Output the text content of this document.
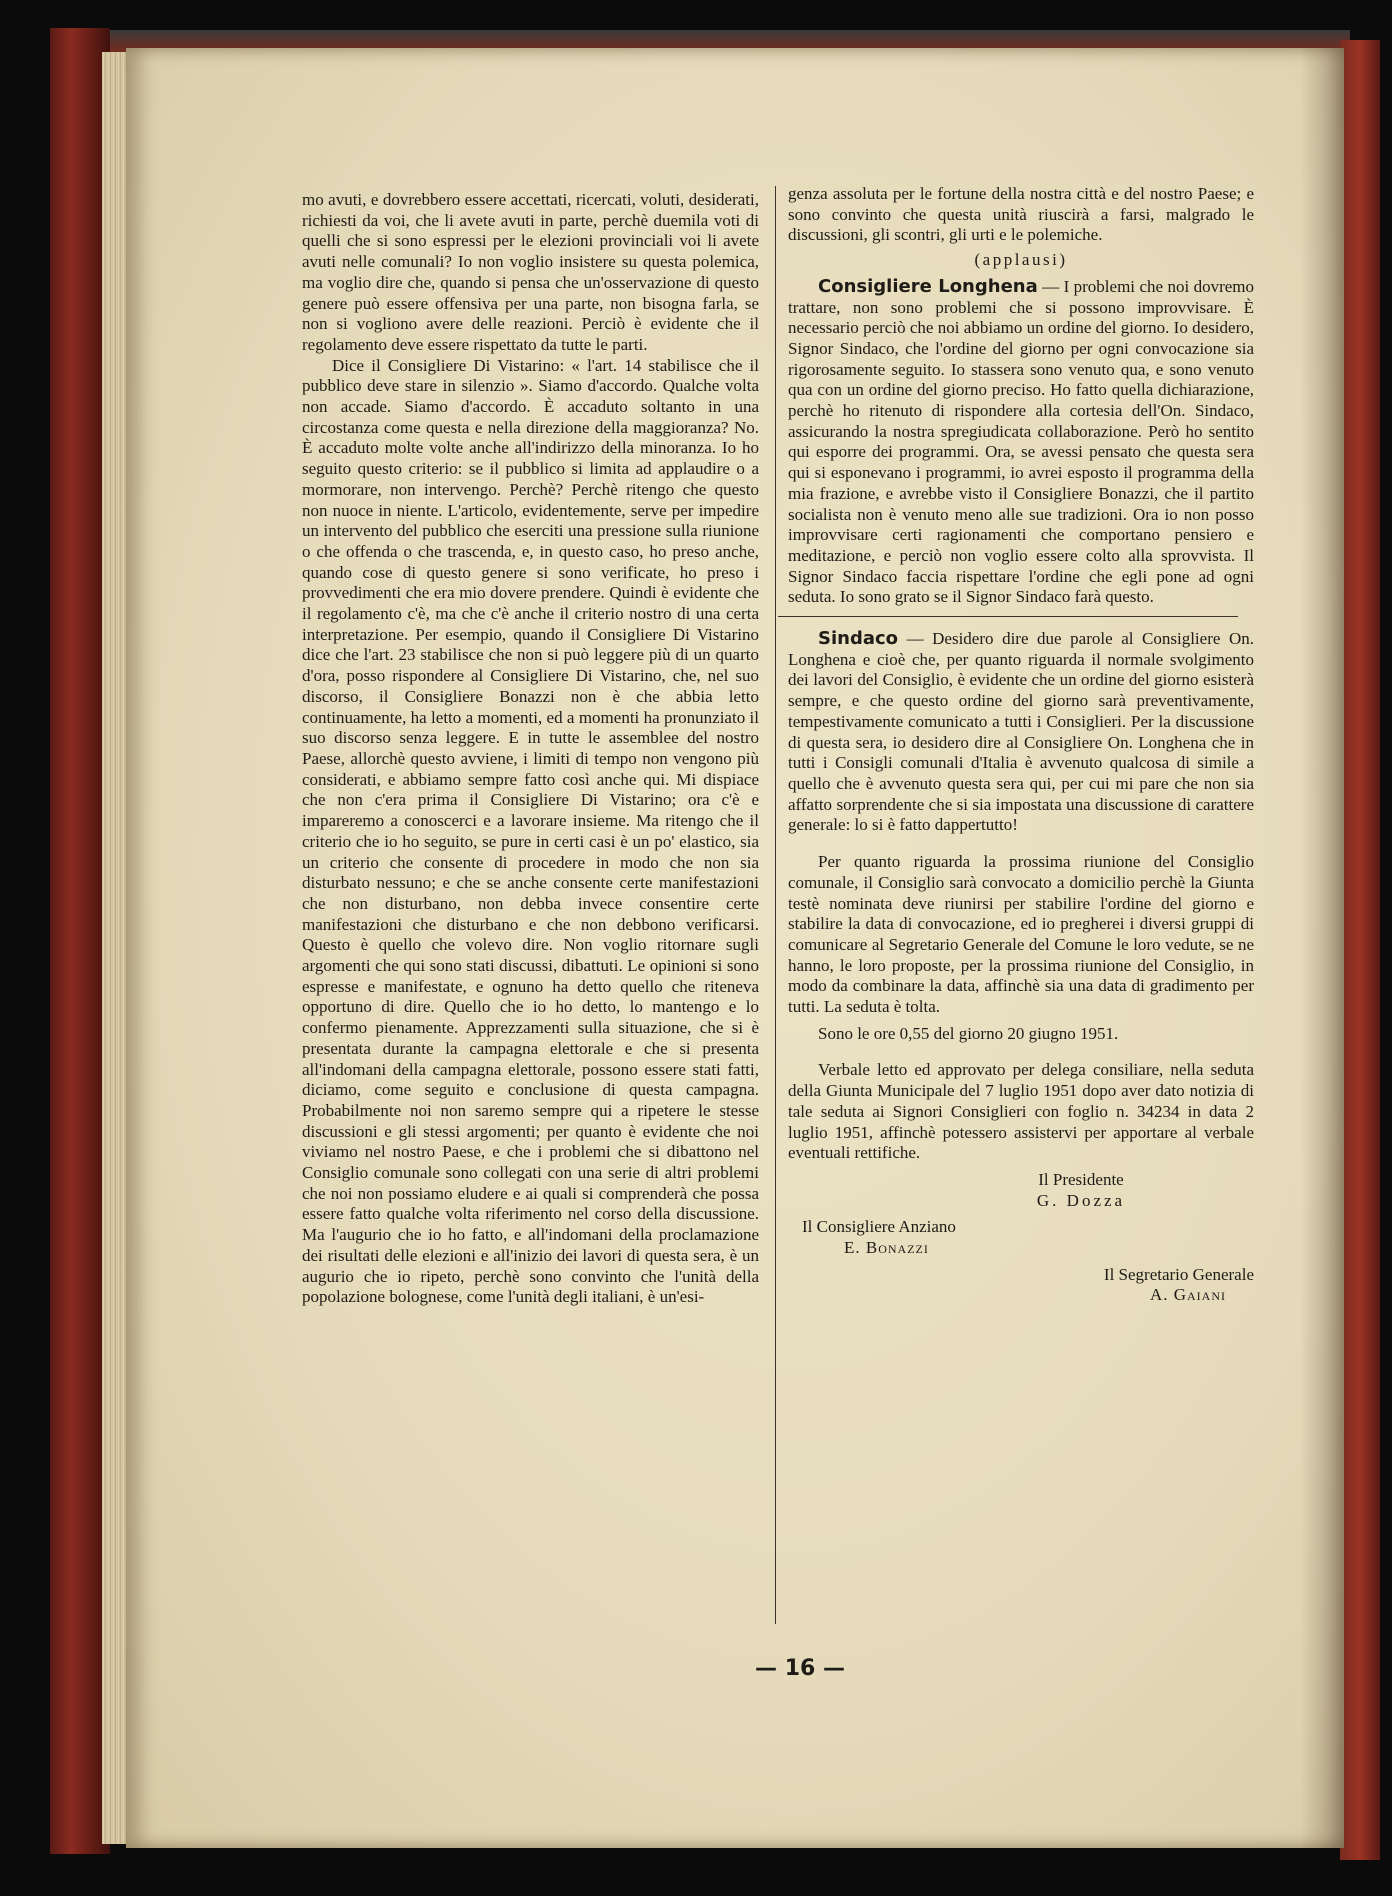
mo avuti, e dovrebbero essere accettati, ricercati, voluti, desiderati, richiesti da voi, che li avete avuti in parte, perchè duemila voti di quelli che si sono espressi per le elezioni provinciali voi li avete avuti nelle comunali? Io non voglio insistere su questa polemica, ma voglio dire che, quando si pensa che un'osservazione di questo genere può essere offensiva per una parte, non bisogna farla, se non si vogliono avere delle reazioni. Perciò è evidente che il regolamento deve essere rispettato da tutte le parti.

Dice il Consigliere Di Vistarino: « l'art. 14 stabilisce che il pubblico deve stare in silenzio ». Siamo d'accordo. Qualche volta non accade. Siamo d'accordo. È accaduto soltanto in una circostanza come questa e nella direzione della maggioranza? No. È accaduto molte volte anche all'indirizzo della minoranza. Io ho seguito questo criterio: se il pubblico si limita ad applaudire o a mormorare, non intervengo. Perchè? Perchè ritengo che questo non nuoce in niente. L'articolo, evidentemente, serve per impedire un intervento del pubblico che eserciti una pressione sulla riunione o che offenda o che trascenda, e, in questo caso, ho preso anche, quando cose di questo genere si sono verificate, ho preso i provvedimenti che era mio dovere prendere. Quindi è evidente che il regolamento c'è, ma che c'è anche il criterio nostro di una certa interpretazione. Per esempio, quando il Consigliere Di Vistarino dice che l'art. 23 stabilisce che non si può leggere più di un quarto d'ora, posso rispondere al Consigliere Di Vistarino, che, nel suo discorso, il Consigliere Bonazzi non è che abbia letto continuamente, ha letto a momenti, ed a momenti ha pronunziato il suo discorso senza leggere. E in tutte le assemblee del nostro Paese, allorchè questo avviene, i limiti di tempo non vengono più considerati, e abbiamo sempre fatto così anche qui. Mi dispiace che non c'era prima il Consigliere Di Vistarino; ora c'è e impareremo a conoscerci e a lavorare insieme. Ma ritengo che il criterio che io ho seguito, se pure in certi casi è un po' elastico, sia un criterio che consente di procedere in modo che non sia disturbato nessuno; e che se anche consente certe manifestazioni che non disturbano, non debba invece consentire certe manifestazioni che disturbano e che non debbono verificarsi. Questo è quello che volevo dire. Non voglio ritornare sugli argomenti che qui sono stati discussi, dibattuti. Le opinioni si sono espresse e manifestate, e ognuno ha detto quello che riteneva opportuno di dire. Quello che io ho detto, lo mantengo e lo confermo pienamente. Apprezzamenti sulla situazione, che si è presentata durante la campagna elettorale e che si presenta all'indomani della campagna elettorale, possono essere stati fatti, diciamo, come seguito e conclusione di questa campagna. Probabilmente noi non saremo sempre qui a ripetere le stesse discussioni e gli stessi argomenti; per quanto è evidente che noi viviamo nel nostro Paese, e che i problemi che si dibattono nel Consiglio comunale sono collegati con una serie di altri problemi che noi non possiamo eludere e ai quali si comprenderà che possa essere fatto qualche volta riferimento nel corso della discussione. Ma l'augurio che io ho fatto, e all'indomani della proclamazione dei risultati delle elezioni e all'inizio dei lavori di questa sera, è un augurio che io ripeto, perchè sono convinto che l'unità della popolazione bolognese, come l'unità degli italiani, è un'esi-

genza assoluta per le fortune della nostra città e del nostro Paese; e sono convinto che questa unità riuscirà a farsi, malgrado le discussioni, gli scontri, gli urti e le polemiche.

(applausi)

Consigliere Longhena — I problemi che noi dovremo trattare, non sono problemi che si possono improvvisare. È necessario perciò che noi abbiamo un ordine del giorno. Io desidero, Signor Sindaco, che l'ordine del giorno per ogni convocazione sia rigorosamente seguito. Io stassera sono venuto qua, e sono venuto qua con un ordine del giorno preciso. Ho fatto quella dichiarazione, perchè ho ritenuto di rispondere alla cortesia dell'On. Sindaco, assicurando la nostra spregiudicata collaborazione. Però ho sentito qui esporre dei programmi. Ora, se avessi pensato che questa sera qui si esponevano i programmi, io avrei esposto il programma della mia frazione, e avrebbe visto il Consigliere Bonazzi, che il partito socialista non è venuto meno alle sue tradizioni. Ora io non posso improvvisare certi ragionamenti che comportano pensiero e meditazione, e perciò non voglio essere colto alla sprovvista. Il Signor Sindaco faccia rispettare l'ordine che egli pone ad ogni seduta. Io sono grato se il Signor Sindaco farà questo.

Sindaco — Desidero dire due parole al Consigliere On. Longhena e cioè che, per quanto riguarda il normale svolgimento dei lavori del Consiglio, è evidente che un ordine del giorno esisterà sempre, e che questo ordine del giorno sarà preventivamente, tempestivamente comunicato a tutti i Consiglieri. Per la discussione di questa sera, io desidero dire al Consigliere On. Longhena che in tutti i Consigli comunali d'Italia è avvenuto qualcosa di simile a quello che è avvenuto questa sera qui, per cui mi pare che non sia affatto sorprendente che si sia impostata una discussione di carattere generale: lo si è fatto dappertutto!

Per quanto riguarda la prossima riunione del Consiglio comunale, il Consiglio sarà convocato a domicilio perchè la Giunta testè nominata deve riunirsi per stabilire l'ordine del giorno e stabilire la data di convocazione, ed io pregherei i diversi gruppi di comunicare al Segretario Generale del Comune le loro vedute, se ne hanno, le loro proposte, per la prossima riunione del Consiglio, in modo da combinare la data, affinchè sia una data di gradimento per tutti. La seduta è tolta.

Sono le ore 0,55 del giorno 20 giugno 1951.

Verbale letto ed approvato per delega consiliare, nella seduta della Giunta Municipale del 7 luglio 1951 dopo aver dato notizia di tale seduta ai Signori Consiglieri con foglio n. 34234 in data 2 luglio 1951, affinchè potessero assistervi per apportare al verbale eventuali rettifiche.

Il Presidente

G. Dozza

Il Consigliere Anziano

E. Bonazzi

Il Segretario Generale

A. Gaiani

— 16 —
